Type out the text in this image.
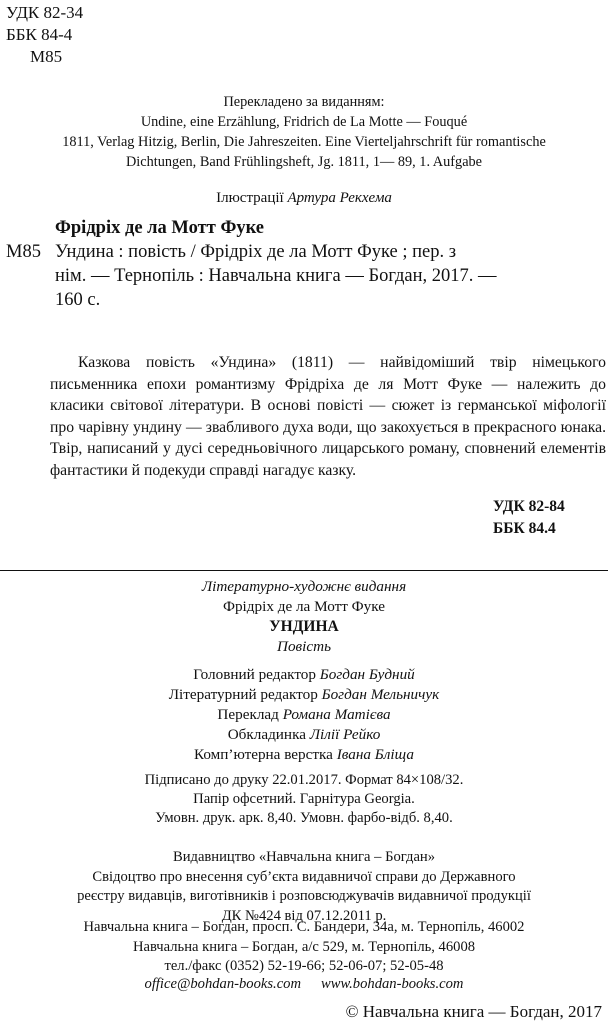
УДК 82-34
ББК 84-4
М85
Перекладено за виданням:
Undine, eine Erzählung, Fridrich de La Motte — Fouqué
1811, Verlag Hitzig, Berlin, Die Jahreszeiten. Eine Vierteljahrschrift für romantische
Dichtungen, Band Frühlingsheft, Jg. 1811, 1— 89, 1. Aufgabe
Ілюстрації Артура Рекхема
Фрідріх де ла Мотт Фуке
М85 Ундина : повість / Фрідріх де ла Мотт Фуке ; пер. з
нім. — Тернопіль : Навчальна книга — Богдан, 2017. —
160 с.

Казкова повість «Ундина» (1811) — найвідоміший твір німецького письменника епохи романтизму Фрідріха де ля Мотт Фуке — належить до класики світової літератури. В основі повісті — сюжет із германської міфології про чарівну ундину — звабливого духа води, що закохується в прекрасного юнака. Твір, написаний у дусі середньовічного лицарського роману, сповнений елементів фантастики й подекуди справді нагадує казку.

УДК 82-84
ББК 84.4
Літературно-художнє видання
Фрідріх де ла Мотт Фуке
УНДИНА
Повість
Головний редактор Богдан Будний
Літературний редактор Богдан Мельничук
Переклад Романа Матієва
Обкладинка Лілії Рейко
Комп’ютерна верстка Івана Бліща
Підписано до друку 22.01.2017. Формат 84×108/32.
Папір офсетний. Гарнітура Georgia.
Умовн. друк. арк. 8,40. Умовн. фарбо-відб. 8,40.
Видавництво «Навчальна книга – Богдан»
Свідоцтво про внесення суб’єкта видавничої справи до Державного
реєстру видавців, виготівників і розповсюджувачів видавничої продукції
ДК №424 від 07.12.2011 р.
Навчальна книга – Богдан, просп. С. Бандери, 34а, м. Тернопіль, 46002
Навчальна книга – Богдан, а/с 529, м. Тернопіль, 46008
тел./факс (0352) 52-19-66; 52-06-07; 52-05-48
office@bohdan-books.com www.bohdan-books.com
© Навчальна книга — Богдан, 2017
